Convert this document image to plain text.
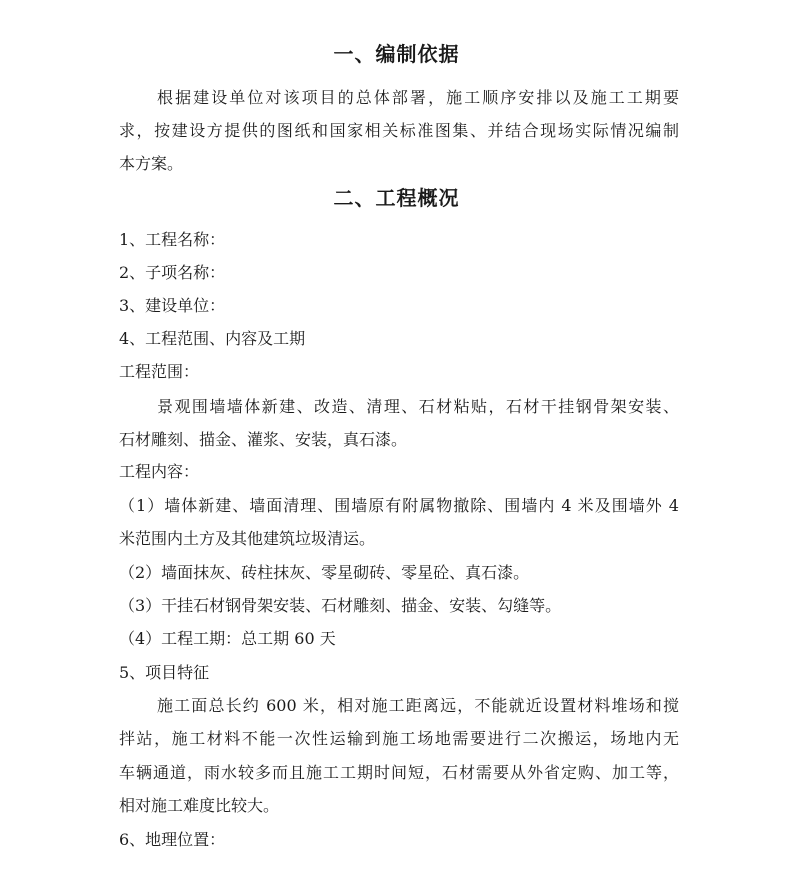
一、编制依据

根据建设单位对该项目的总体部署，施工顺序安排以及施工工期要

求，按建设方提供的图纸和国家相关标准图集、并结合现场实际情况编制

本方案。

二、工程概况

1、工程名称：

2、子项名称：

3、建设单位：

4、工程范围、内容及工期

工程范围：

景观围墙墙体新建、改造、清理、石材粘贴，石材干挂钢骨架安装、

石材雕刻、描金、灌浆、安装，真石漆。

工程内容：

（1）墙体新建、墙面清理、围墙原有附属物撤除、围墙内 4 米及围墙外 4

米范围内土方及其他建筑垃圾清运。

（2）墙面抹灰、砖柱抹灰、零星砌砖、零星砼、真石漆。

（3）干挂石材钢骨架安装、石材雕刻、描金、安装、勾缝等。

（4）工程工期：总工期 60 天

5、项目特征

施工面总长约 600 米，相对施工距离远，不能就近设置材料堆场和搅

拌站，施工材料不能一次性运输到施工场地需要进行二次搬运，场地内无

车辆通道，雨水较多而且施工工期时间短，石材需要从外省定购、加工等，

相对施工难度比较大。

6、地理位置：
